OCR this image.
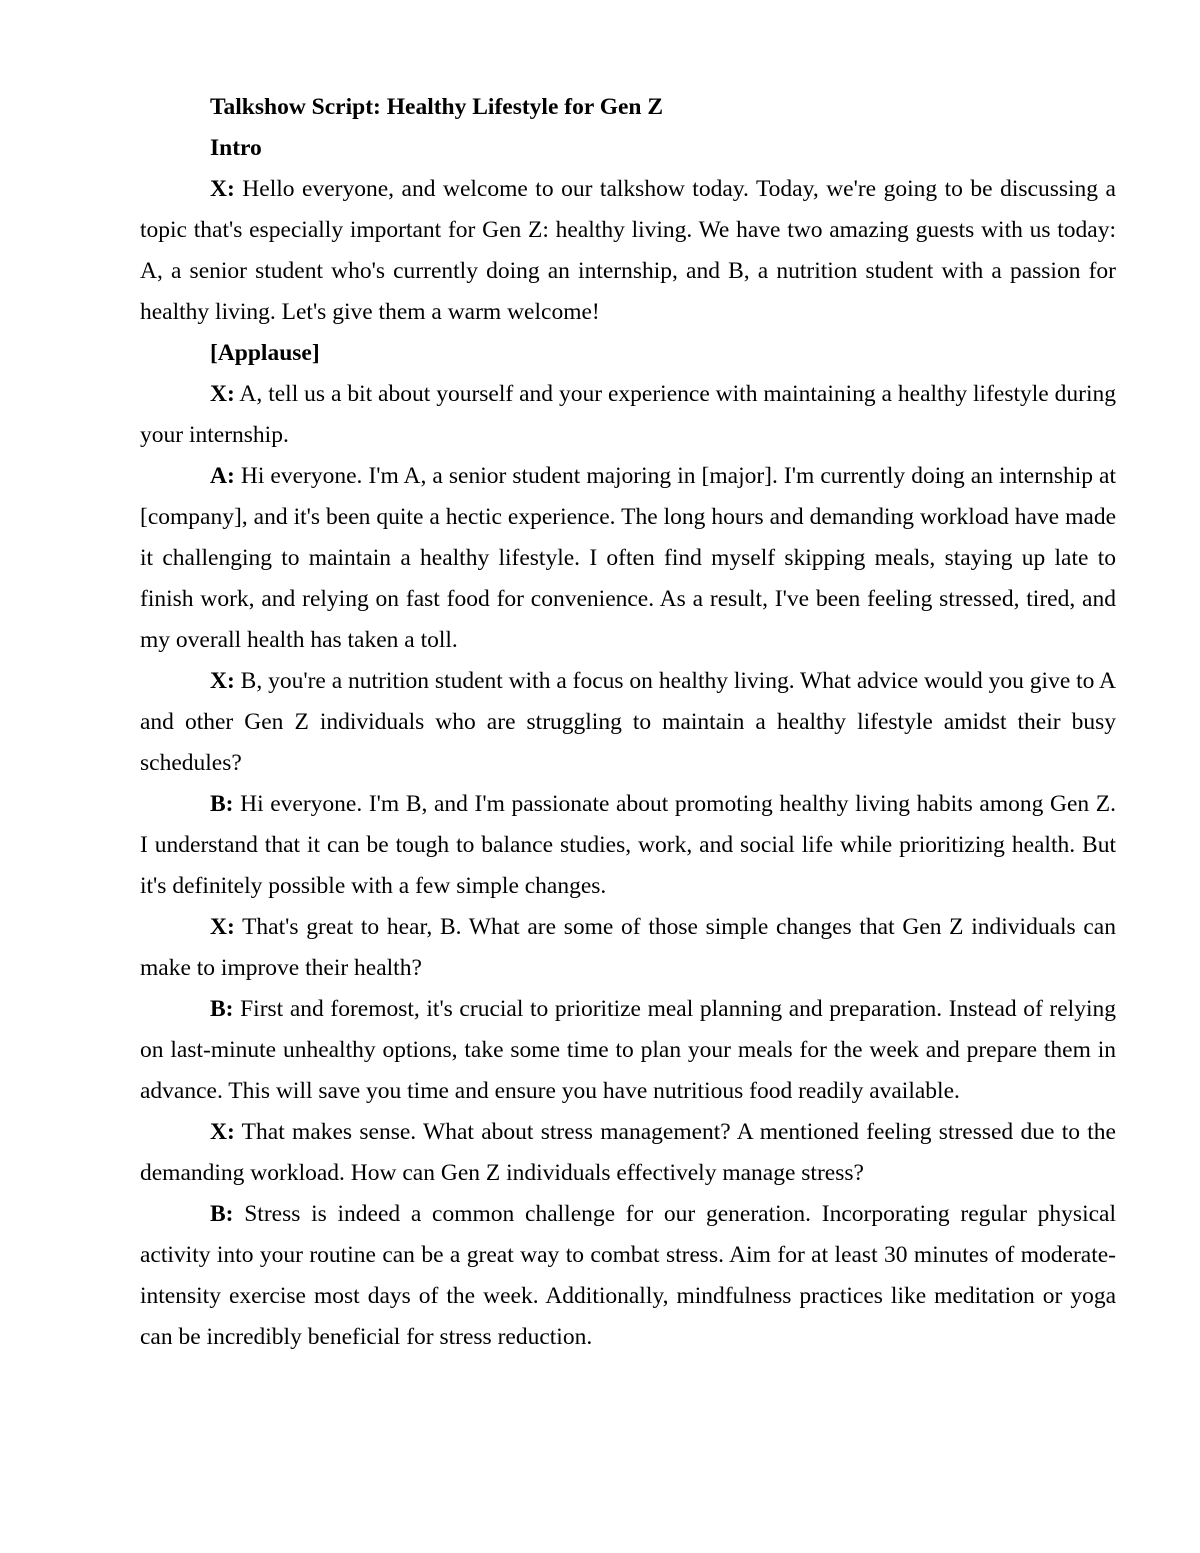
Talkshow Script: Healthy Lifestyle for Gen Z

Intro

X: Hello everyone, and welcome to our talkshow today. Today, we're going to be discussing a topic that's especially important for Gen Z: healthy living. We have two amazing guests with us today: A, a senior student who's currently doing an internship, and B, a nutrition student with a passion for healthy living. Let's give them a warm welcome!

[Applause]

X: A, tell us a bit about yourself and your experience with maintaining a healthy lifestyle during your internship.

A: Hi everyone. I'm A, a senior student majoring in [major]. I'm currently doing an internship at [company], and it's been quite a hectic experience. The long hours and demanding workload have made it challenging to maintain a healthy lifestyle. I often find myself skipping meals, staying up late to finish work, and relying on fast food for convenience. As a result, I've been feeling stressed, tired, and my overall health has taken a toll.

X: B, you're a nutrition student with a focus on healthy living. What advice would you give to A and other Gen Z individuals who are struggling to maintain a healthy lifestyle amidst their busy schedules?

B: Hi everyone. I'm B, and I'm passionate about promoting healthy living habits among Gen Z. I understand that it can be tough to balance studies, work, and social life while prioritizing health. But it's definitely possible with a few simple changes.

X: That's great to hear, B. What are some of those simple changes that Gen Z individuals can make to improve their health?

B: First and foremost, it's crucial to prioritize meal planning and preparation. Instead of relying on last-minute unhealthy options, take some time to plan your meals for the week and prepare them in advance. This will save you time and ensure you have nutritious food readily available.

X: That makes sense. What about stress management? A mentioned feeling stressed due to the demanding workload. How can Gen Z individuals effectively manage stress?

B: Stress is indeed a common challenge for our generation. Incorporating regular physical activity into your routine can be a great way to combat stress. Aim for at least 30 minutes of moderate-intensity exercise most days of the week. Additionally, mindfulness practices like meditation or yoga can be incredibly beneficial for stress reduction.
